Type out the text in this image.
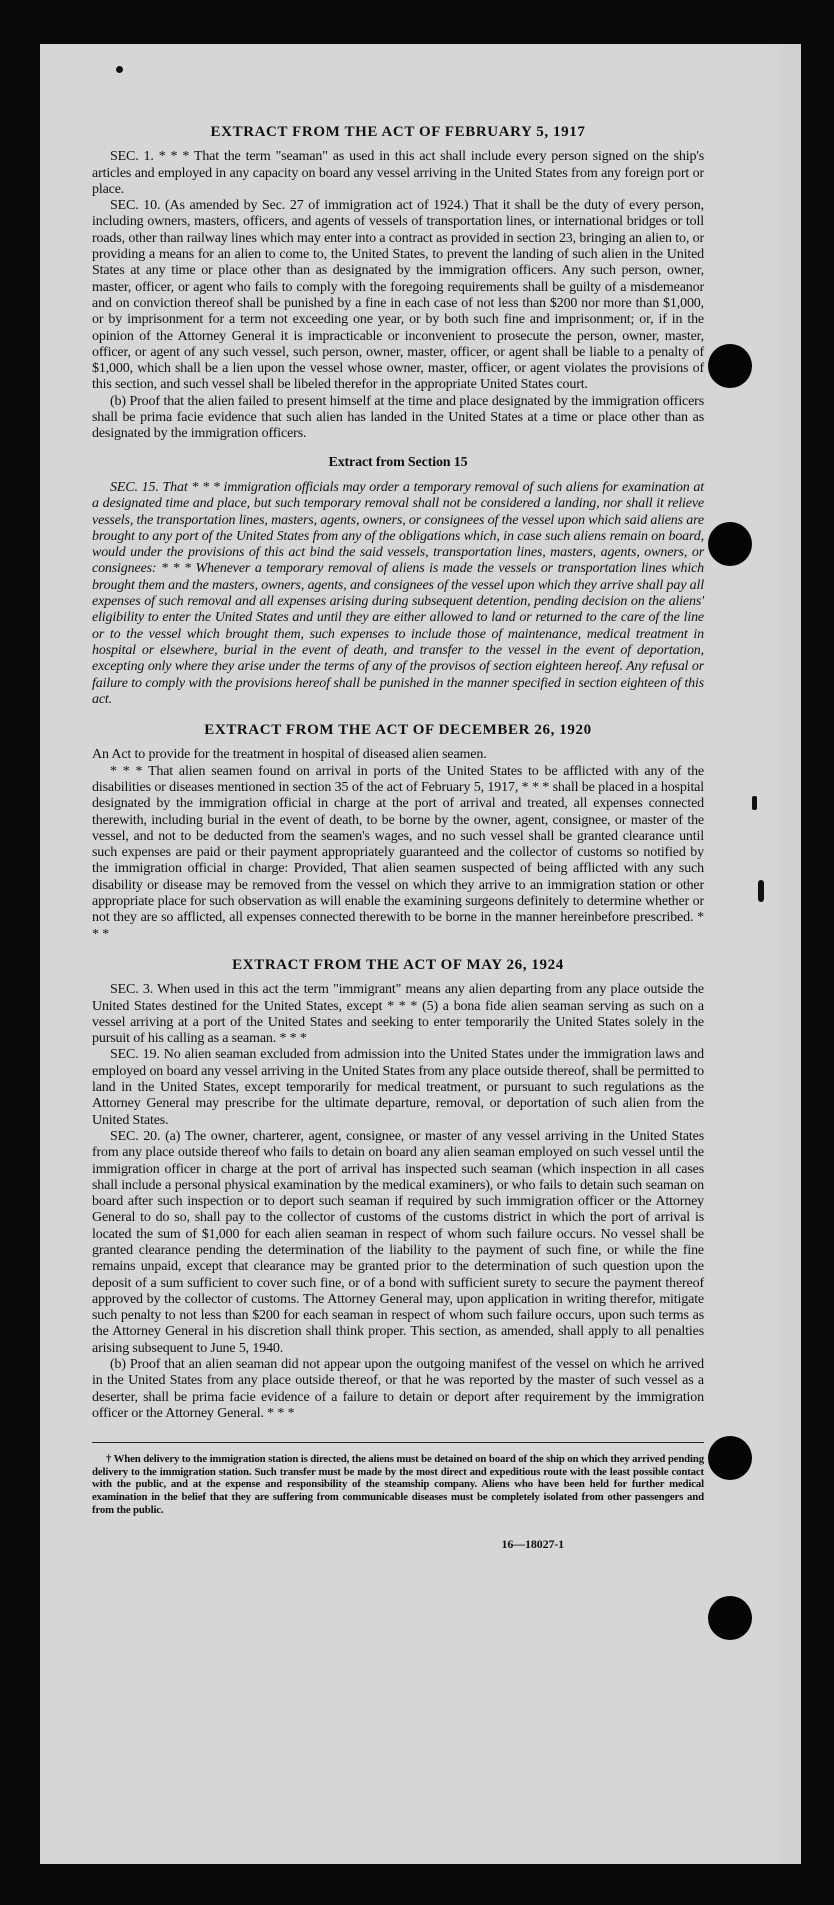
EXTRACT FROM THE ACT OF FEBRUARY 5, 1917

SEC. 1. * * * That the term "seaman" as used in this act shall include every person signed on the ship's articles and employed in any capacity on board any vessel arriving in the United States from any foreign port or place.

SEC. 10. (As amended by Sec. 27 of immigration act of 1924.) That it shall be the duty of every person, including owners, masters, officers, and agents of vessels of transportation lines, or international bridges or toll roads, other than railway lines which may enter into a contract as provided in section 23, bringing an alien to, or providing a means for an alien to come to, the United States, to prevent the landing of such alien in the United States at any time or place other than as designated by the immigration officers. Any such person, owner, master, officer, or agent who fails to comply with the foregoing requirements shall be guilty of a misdemeanor and on conviction thereof shall be punished by a fine in each case of not less than $200 nor more than $1,000, or by imprisonment for a term not exceeding one year, or by both such fine and imprisonment; or, if in the opinion of the Attorney General it is impracticable or inconvenient to prosecute the person, owner, master, officer, or agent of any such vessel, such person, owner, master, officer, or agent shall be liable to a penalty of $1,000, which shall be a lien upon the vessel whose owner, master, officer, or agent violates the provisions of this section, and such vessel shall be libeled therefor in the appropriate United States court.

(b) Proof that the alien failed to present himself at the time and place designated by the immigration officers shall be prima facie evidence that such alien has landed in the United States at a time or place other than as designated by the immigration officers.

Extract from Section 15

SEC. 15. That * * * immigration officials may order a temporary removal of such aliens for examination at a designated time and place, but such temporary removal shall not be considered a landing, nor shall it relieve vessels, the transportation lines, masters, agents, owners, or consignees of the vessel upon which said aliens are brought to any port of the United States from any of the obligations which, in case such aliens remain on board, would under the provisions of this act bind the said vessels, transportation lines, masters, agents, owners, or consignees: * * * Whenever a temporary removal of aliens is made the vessels or transportation lines which brought them and the masters, owners, agents, and consignees of the vessel upon which they arrive shall pay all expenses of such removal and all expenses arising during subsequent detention, pending decision on the aliens' eligibility to enter the United States and until they are either allowed to land or returned to the care of the line or to the vessel which brought them, such expenses to include those of maintenance, medical treatment in hospital or elsewhere, burial in the event of death, and transfer to the vessel in the event of deportation, excepting only where they arise under the terms of any of the provisos of section eighteen hereof. Any refusal or failure to comply with the provisions hereof shall be punished in the manner specified in section eighteen of this act.

EXTRACT FROM THE ACT OF DECEMBER 26, 1920

An Act to provide for the treatment in hospital of diseased alien seamen.

* * * That alien seamen found on arrival in ports of the United States to be afflicted with any of the disabilities or diseases mentioned in section 35 of the act of February 5, 1917, * * * shall be placed in a hospital designated by the immigration official in charge at the port of arrival and treated, all expenses connected therewith, including burial in the event of death, to be borne by the owner, agent, consignee, or master of the vessel, and not to be deducted from the seamen's wages, and no such vessel shall be granted clearance until such expenses are paid or their payment appropriately guaranteed and the collector of customs so notified by the immigration official in charge: Provided, That alien seamen suspected of being afflicted with any such disability or disease may be removed from the vessel on which they arrive to an immigration station or other appropriate place for such observation as will enable the examining surgeons definitely to determine whether or not they are so afflicted, all expenses connected therewith to be borne in the manner hereinbefore prescribed. * * *

EXTRACT FROM THE ACT OF MAY 26, 1924

SEC. 3. When used in this act the term "immigrant" means any alien departing from any place outside the United States destined for the United States, except * * * (5) a bona fide alien seaman serving as such on a vessel arriving at a port of the United States and seeking to enter temporarily the United States solely in the pursuit of his calling as a seaman. * * *

SEC. 19. No alien seaman excluded from admission into the United States under the immigration laws and employed on board any vessel arriving in the United States from any place outside thereof, shall be permitted to land in the United States, except temporarily for medical treatment, or pursuant to such regulations as the Attorney General may prescribe for the ultimate departure, removal, or deportation of such alien from the United States.

SEC. 20. (a) The owner, charterer, agent, consignee, or master of any vessel arriving in the United States from any place outside thereof who fails to detain on board any alien seaman employed on such vessel until the immigration officer in charge at the port of arrival has inspected such seaman (which inspection in all cases shall include a personal physical examination by the medical examiners), or who fails to detain such seaman on board after such inspection or to deport such seaman if required by such immigration officer or the Attorney General to do so, shall pay to the collector of customs of the customs district in which the port of arrival is located the sum of $1,000 for each alien seaman in respect of whom such failure occurs. No vessel shall be granted clearance pending the determination of the liability to the payment of such fine, or while the fine remains unpaid, except that clearance may be granted prior to the determination of such question upon the deposit of a sum sufficient to cover such fine, or of a bond with sufficient surety to secure the payment thereof approved by the collector of customs. The Attorney General may, upon application in writing therefor, mitigate such penalty to not less than $200 for each seaman in respect of whom such failure occurs, upon such terms as the Attorney General in his discretion shall think proper. This section, as amended, shall apply to all penalties arising subsequent to June 5, 1940.

(b) Proof that an alien seaman did not appear upon the outgoing manifest of the vessel on which he arrived in the United States from any place outside thereof, or that he was reported by the master of such vessel as a deserter, shall be prima facie evidence of a failure to detain or deport after requirement by the immigration officer or the Attorney General. * * *

† When delivery to the immigration station is directed, the aliens must be detained on board of the ship on which they arrived pending delivery to the immigration station. Such transfer must be made by the most direct and expeditious route with the least possible contact with the public, and at the expense and responsibility of the steamship company. Aliens who have been held for further medical examination in the belief that they are suffering from communicable diseases must be completely isolated from other passengers and from the public.

16—18027-1
